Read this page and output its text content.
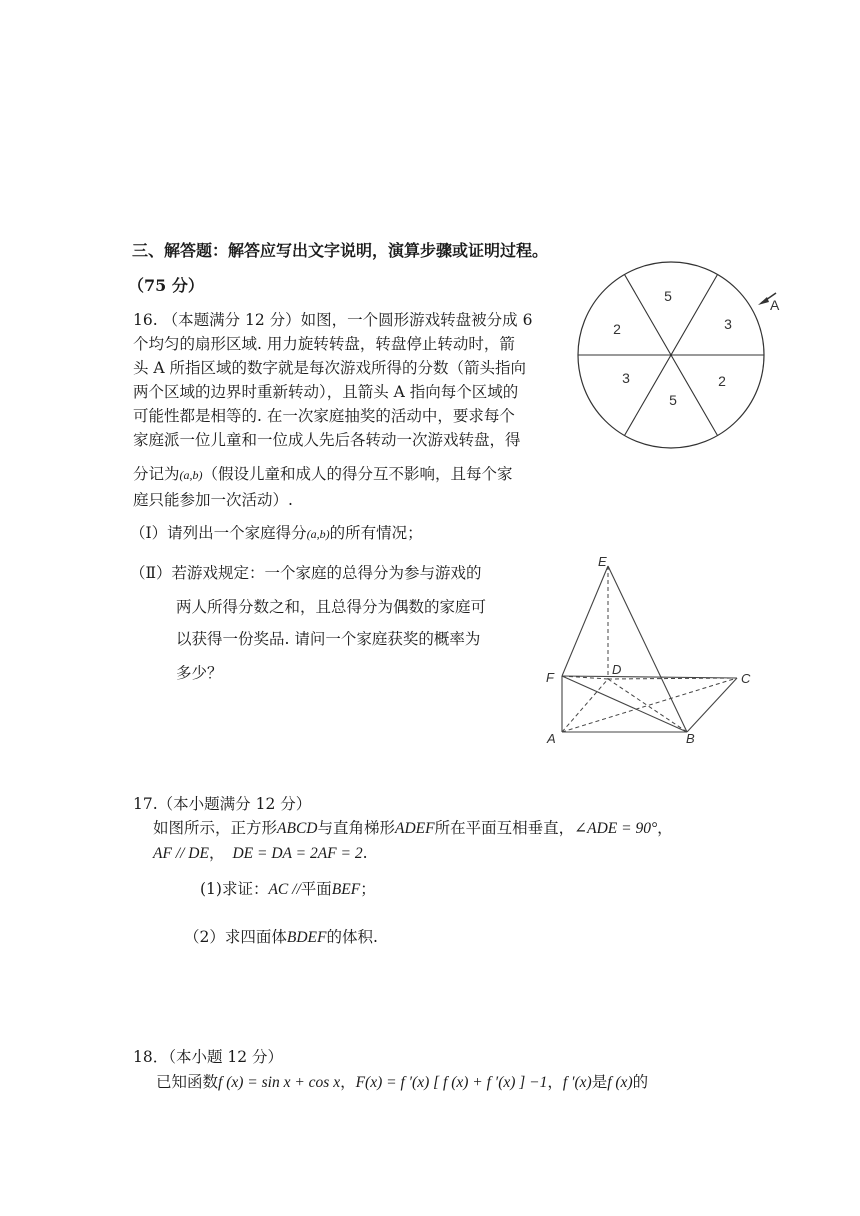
三、解答题：解答应写出文字说明，演算步骤或证明过程。
（75 分）
16. （本题满分 12 分）如图，一个圆形游戏转盘被分成 6
个均匀的扇形区域. 用力旋转转盘，转盘停止转动时，箭
头 A 所指区域的数字就是每次游戏所得的分数（箭头指向
两个区域的边界时重新转动），且箭头 A 指向每个区域的
可能性都是相等的. 在一次家庭抽奖的活动中，要求每个
家庭派一位儿童和一位成人先后各转动一次游戏转盘，得
分记为(a,b)（假设儿童和成人的得分互不影响，且每个家
庭只能参加一次活动）.
（Ⅰ）请列出一个家庭得分(a,b)的所有情况；
（Ⅱ）若游戏规定：一个家庭的总得分为参与游戏的
两人所得分数之和，且总得分为偶数的家庭可
以获得一份奖品. 请问一个家庭获奖的概率为
多少？
5
3
2
5
3
2
A
E
D
F	C
A	B
17.（本小题满分 12 分）
如图所示，正方形ABCD与直角梯形ADEF所在平面互相垂直，∠ADE = 90°，
AF // DE， DE = DA = 2AF = 2.
(1)求证：AC //平面BEF；
（2）求四面体BDEF的体积.
18．（本小题 12 分）
已知函数f (x) = sin x + cos x，F(x) = f ′(x) [ f (x) + f ′(x) ] −1，f ′(x)是f (x)的
